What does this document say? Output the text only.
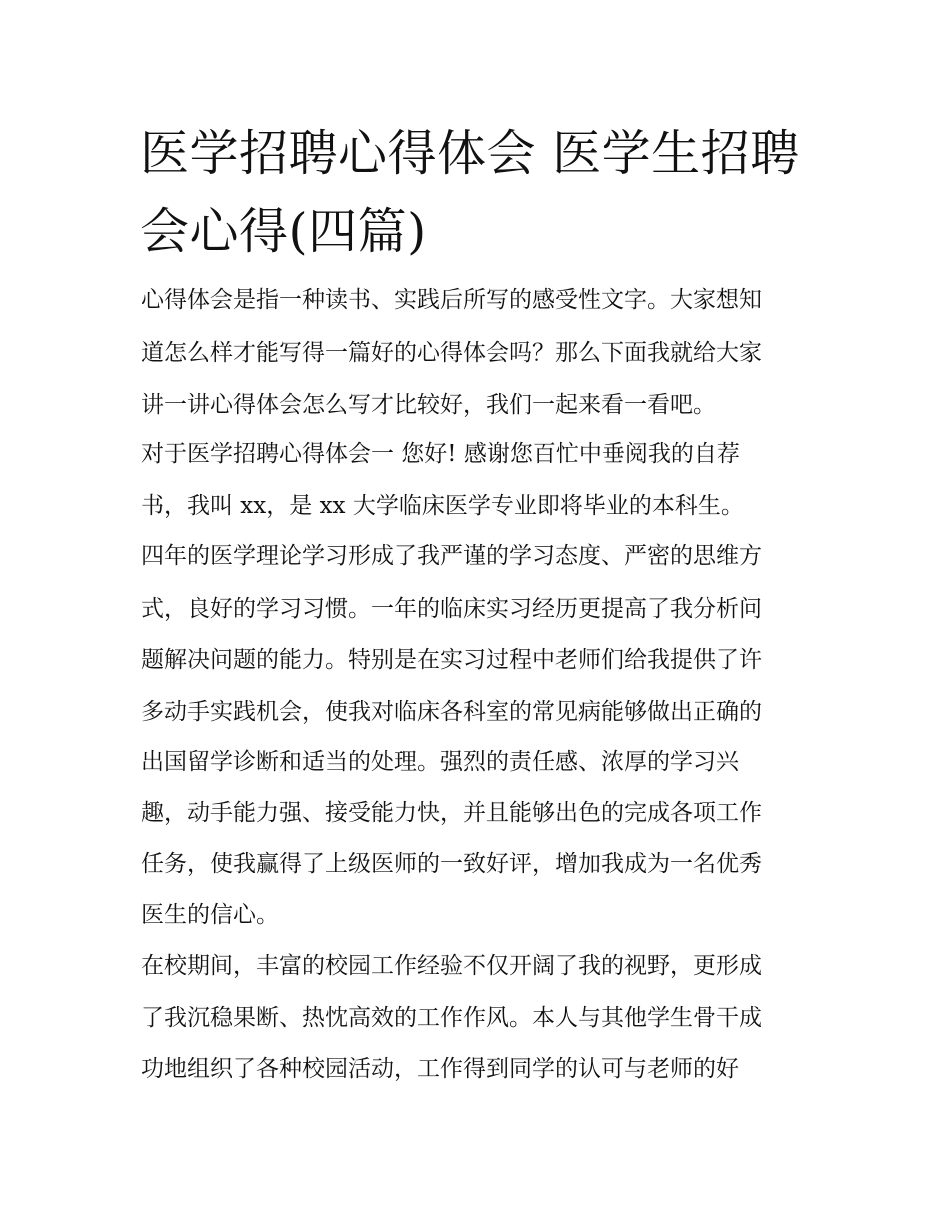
医学招聘心得体会 医学生招聘
会心得(四篇)

心得体会是指一种读书、实践后所写的感受性文字。大家想知

道怎么样才能写得一篇好的心得体会吗？那么下面我就给大家

讲一讲心得体会怎么写才比较好，我们一起来看一看吧。

对于医学招聘心得体会一 您好! 感谢您百忙中垂阅我的自荐

书，我叫 xx，是 xx 大学临床医学专业即将毕业的本科生。

四年的医学理论学习形成了我严谨的学习态度、严密的思维方

式，良好的学习习惯。一年的临床实习经历更提高了我分析问

题解决问题的能力。特别是在实习过程中老师们给我提供了许

多动手实践机会，使我对临床各科室的常见病能够做出正确的

出国留学诊断和适当的处理。强烈的责任感、浓厚的学习兴

趣，动手能力强、接受能力快，并且能够出色的完成各项工作

任务，使我赢得了上级医师的一致好评，增加我成为一名优秀

医生的信心。

在校期间，丰富的校园工作经验不仅开阔了我的视野，更形成

了我沉稳果断、热忱高效的工作作风。本人与其他学生骨干成

功地组织了各种校园活动，工作得到同学的认可与老师的好
